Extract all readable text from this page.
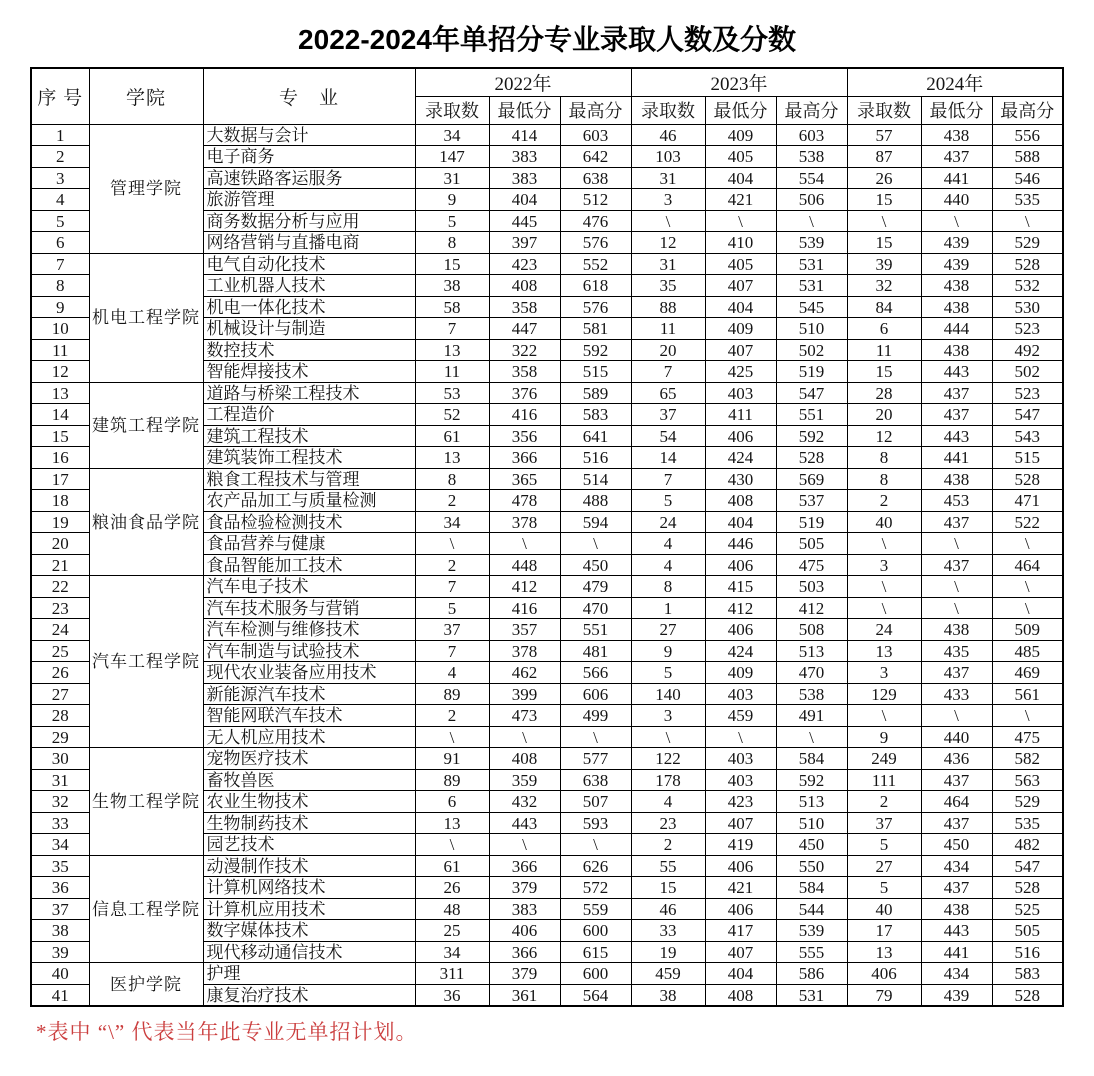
2022-2024年单招分专业录取人数及分数
序 号	学院	专　业	2022年			2023年			2024年		
			录取数	最低分	最高分	录取数	最低分	最高分	录取数	最低分	最高分
1	管理学院	大数据与会计	34	414	603	46	409	603	57	438	556
2		电子商务	147	383	642	103	405	538	87	437	588
3		高速铁路客运服务	31	383	638	31	404	554	26	441	546
4		旅游管理	9	404	512	3	421	506	15	440	535
5		商务数据分析与应用	5	445	476	\	\	\	\	\	\
6		网络营销与直播电商	8	397	576	12	410	539	15	439	529
7	机电工程学院	电气自动化技术	15	423	552	31	405	531	39	439	528
8		工业机器人技术	38	408	618	35	407	531	32	438	532
9		机电一体化技术	58	358	576	88	404	545	84	438	530
10		机械设计与制造	7	447	581	11	409	510	6	444	523
11		数控技术	13	322	592	20	407	502	11	438	492
12		智能焊接技术	11	358	515	7	425	519	15	443	502
13	建筑工程学院	道路与桥梁工程技术	53	376	589	65	403	547	28	437	523
14		工程造价	52	416	583	37	411	551	20	437	547
15		建筑工程技术	61	356	641	54	406	592	12	443	543
16		建筑装饰工程技术	13	366	516	14	424	528	8	441	515
17	粮油食品学院	粮食工程技术与管理	8	365	514	7	430	569	8	438	528
18		农产品加工与质量检测	2	478	488	5	408	537	2	453	471
19		食品检验检测技术	34	378	594	24	404	519	40	437	522
20		食品营养与健康	\	\	\	4	446	505	\	\	\
21		食品智能加工技术	2	448	450	4	406	475	3	437	464
22	汽车工程学院	汽车电子技术	7	412	479	8	415	503	\	\	\
23		汽车技术服务与营销	5	416	470	1	412	412	\	\	\
24		汽车检测与维修技术	37	357	551	27	406	508	24	438	509
25		汽车制造与试验技术	7	378	481	9	424	513	13	435	485
26		现代农业装备应用技术	4	462	566	5	409	470	3	437	469
27		新能源汽车技术	89	399	606	140	403	538	129	433	561
28		智能网联汽车技术	2	473	499	3	459	491	\	\	\
29		无人机应用技术	\	\	\	\	\	\	9	440	475
30	生物工程学院	宠物医疗技术	91	408	577	122	403	584	249	436	582
31		畜牧兽医	89	359	638	178	403	592	111	437	563
32		农业生物技术	6	432	507	4	423	513	2	464	529
33		生物制药技术	13	443	593	23	407	510	37	437	535
34		园艺技术	\	\	\	2	419	450	5	450	482
35	信息工程学院	动漫制作技术	61	366	626	55	406	550	27	434	547
36		计算机网络技术	26	379	572	15	421	584	5	437	528
37		计算机应用技术	48	383	559	46	406	544	40	438	525
38		数字媒体技术	25	406	600	33	417	539	17	443	505
39		现代移动通信技术	34	366	615	19	407	555	13	441	516
40	医护学院	护理	311	379	600	459	404	586	406	434	583
41		康复治疗技术	36	361	564	38	408	531	79	439	528
*表中 “\” 代表当年此专业无单招计划。
